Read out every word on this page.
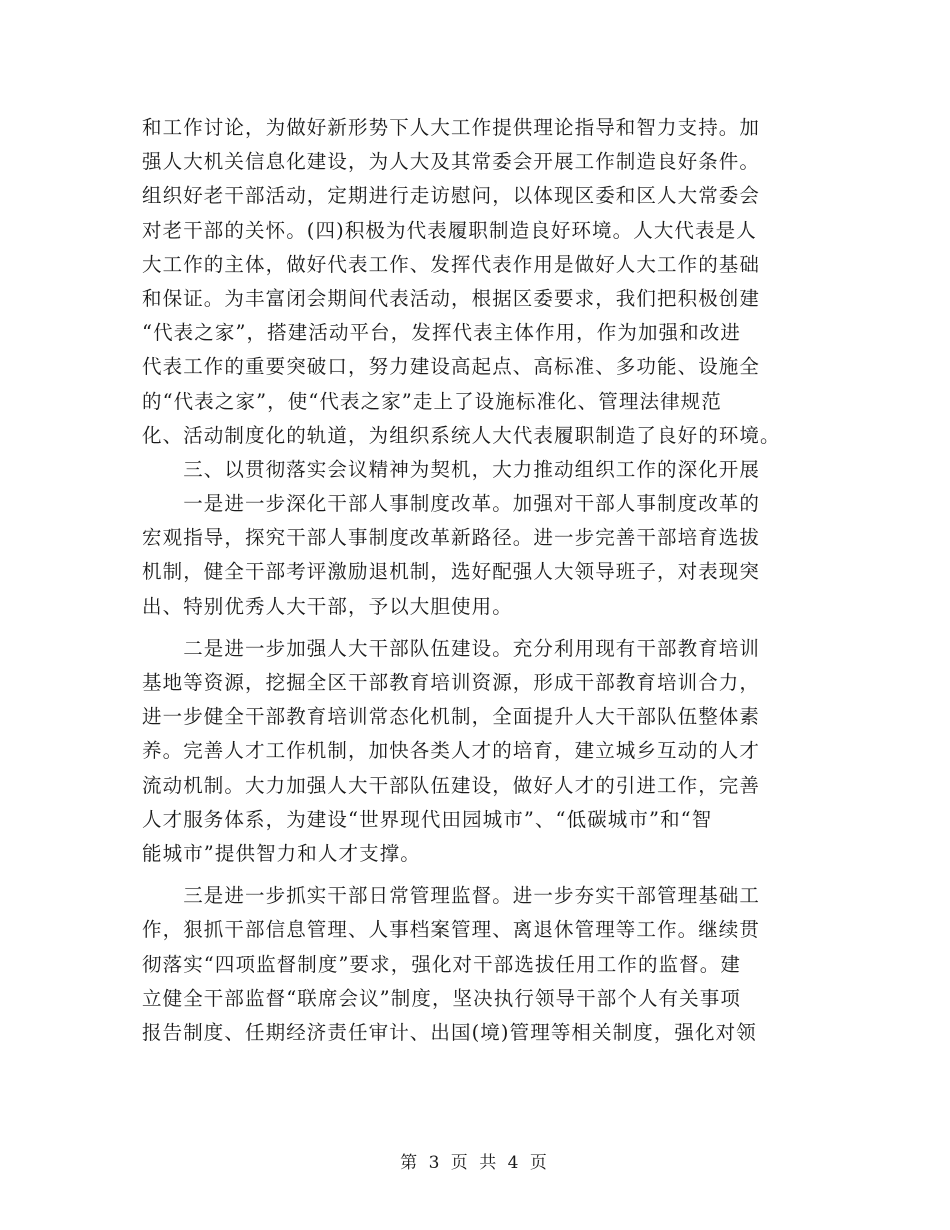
和工作讨论，为做好新形势下人大工作提供理论指导和智力支持。加
强人大机关信息化建设，为人大及其常委会开展工作制造良好条件。
组织好老干部活动，定期进行走访慰问，以体现区委和区人大常委会
对老干部的关怀。(四)积极为代表履职制造良好环境。人大代表是人
大工作的主体，做好代表工作、发挥代表作用是做好人大工作的基础
和保证。为丰富闭会期间代表活动，根据区委要求，我们把积极创建
“代表之家”，搭建活动平台，发挥代表主体作用，作为加强和改进
代表工作的重要突破口，努力建设高起点、高标准、多功能、设施全
的“代表之家”，使“代表之家”走上了设施标准化、管理法律规范
化、活动制度化的轨道，为组织系统人大代表履职制造了良好的环境。
　　三、以贯彻落实会议精神为契机，大力推动组织工作的深化开展
　　一是进一步深化干部人事制度改革。加强对干部人事制度改革的
宏观指导，探究干部人事制度改革新路径。进一步完善干部培育选拔
机制，健全干部考评激励退机制，选好配强人大领导班子，对表现突
出、特别优秀人大干部，予以大胆使用。
　　二是进一步加强人大干部队伍建设。充分利用现有干部教育培训
基地等资源，挖掘全区干部教育培训资源，形成干部教育培训合力，
进一步健全干部教育培训常态化机制，全面提升人大干部队伍整体素
养。完善人才工作机制，加快各类人才的培育，建立城乡互动的人才
流动机制。大力加强人大干部队伍建设，做好人才的引进工作，完善
人才服务体系，为建设“世界现代田园城市”、“低碳城市”和“智
能城市”提供智力和人才支撑。
　　三是进一步抓实干部日常管理监督。进一步夯实干部管理基础工
作，狠抓干部信息管理、人事档案管理、离退休管理等工作。继续贯
彻落实“四项监督制度”要求，强化对干部选拔任用工作的监督。建
立健全干部监督“联席会议”制度，坚决执行领导干部个人有关事项
报告制度、任期经济责任审计、出国(境)管理等相关制度，强化对领
第 3 页 共 4 页
